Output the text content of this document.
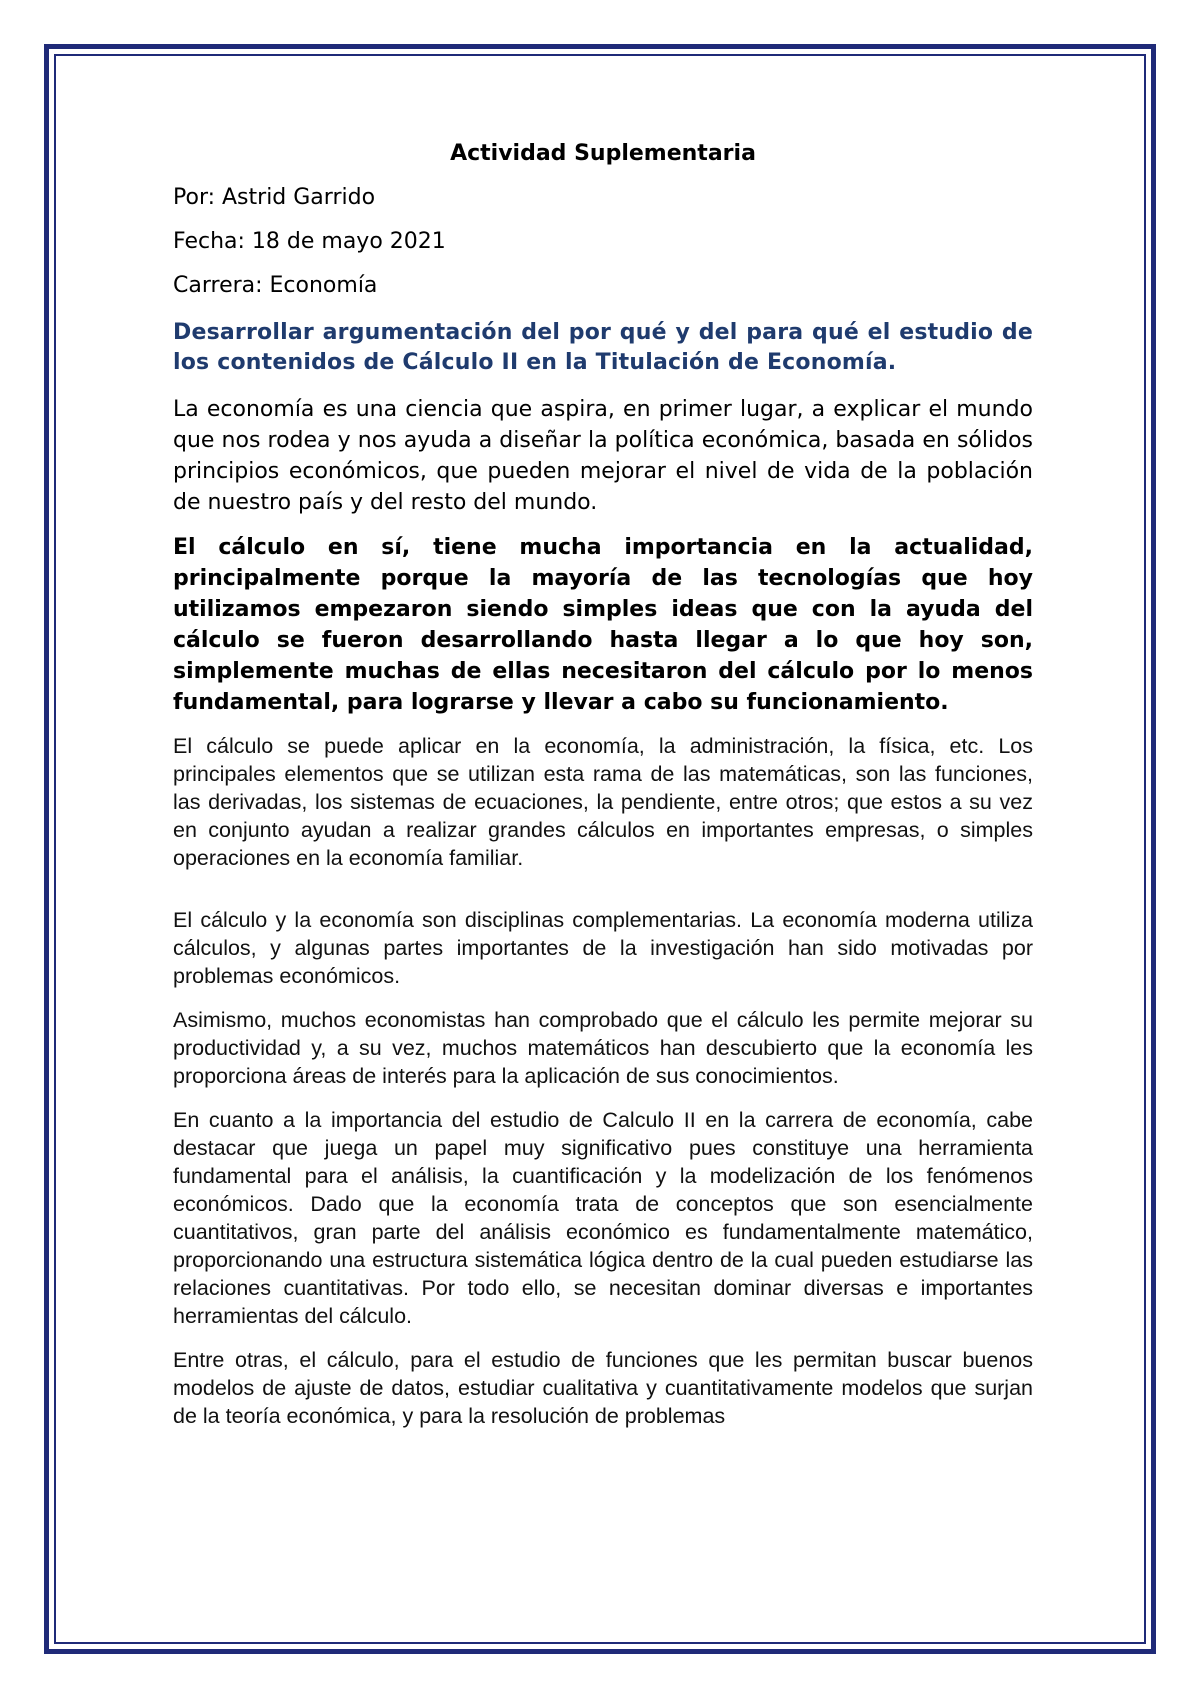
Actividad Suplementaria
Por: Astrid Garrido
Fecha: 18 de mayo 2021
Carrera: Economía
Desarrollar argumentación del por qué y del para qué el estudio de los contenidos de Cálculo II en la Titulación de Economía.

La economía es una ciencia que aspira, en primer lugar, a explicar el mundo que nos rodea y nos ayuda a diseñar la política económica, basada en sólidos principios económicos, que pueden mejorar el nivel de vida de la población de nuestro país y del resto del mundo.

El cálculo en sí, tiene mucha importancia en la actualidad, principalmente porque la mayoría de las tecnologías que hoy utilizamos empezaron siendo simples ideas que con la ayuda del cálculo se fueron desarrollando hasta llegar a lo que hoy son, simplemente muchas de ellas necesitaron del cálculo por lo menos fundamental, para lograrse y llevar a cabo su funcionamiento.

El cálculo se puede aplicar en la economía, la administración, la física, etc. Los principales elementos que se utilizan esta rama de las matemáticas, son las funciones, las derivadas, los sistemas de ecuaciones, la pendiente, entre otros; que estos a su vez en conjunto ayudan a realizar grandes cálculos en importantes empresas, o simples operaciones en la economía familiar.

El cálculo y la economía son disciplinas complementarias. La economía moderna utiliza cálculos, y algunas partes importantes de la investigación han sido motivadas por problemas económicos.

Asimismo, muchos economistas han comprobado que el cálculo les permite mejorar su productividad y, a su vez, muchos matemáticos han descubierto que la economía les proporciona áreas de interés para la aplicación de sus conocimientos.

En cuanto a la importancia del estudio de Calculo II en la carrera de economía, cabe destacar que juega un papel muy significativo pues constituye una herramienta fundamental para el análisis, la cuantificación y la modelización de los fenómenos económicos. Dado que la economía trata de conceptos que son esencialmente cuantitativos, gran parte del análisis económico es fundamentalmente matemático, proporcionando una estructura sistemática lógica dentro de la cual pueden estudiarse las relaciones cuantitativas. Por todo ello, se necesitan dominar diversas e importantes herramientas del cálculo.

Entre otras, el cálculo, para el estudio de funciones que les permitan buscar buenos modelos de ajuste de datos, estudiar cualitativa y cuantitativamente modelos que surjan de la teoría económica, y para la resolución de problemas
